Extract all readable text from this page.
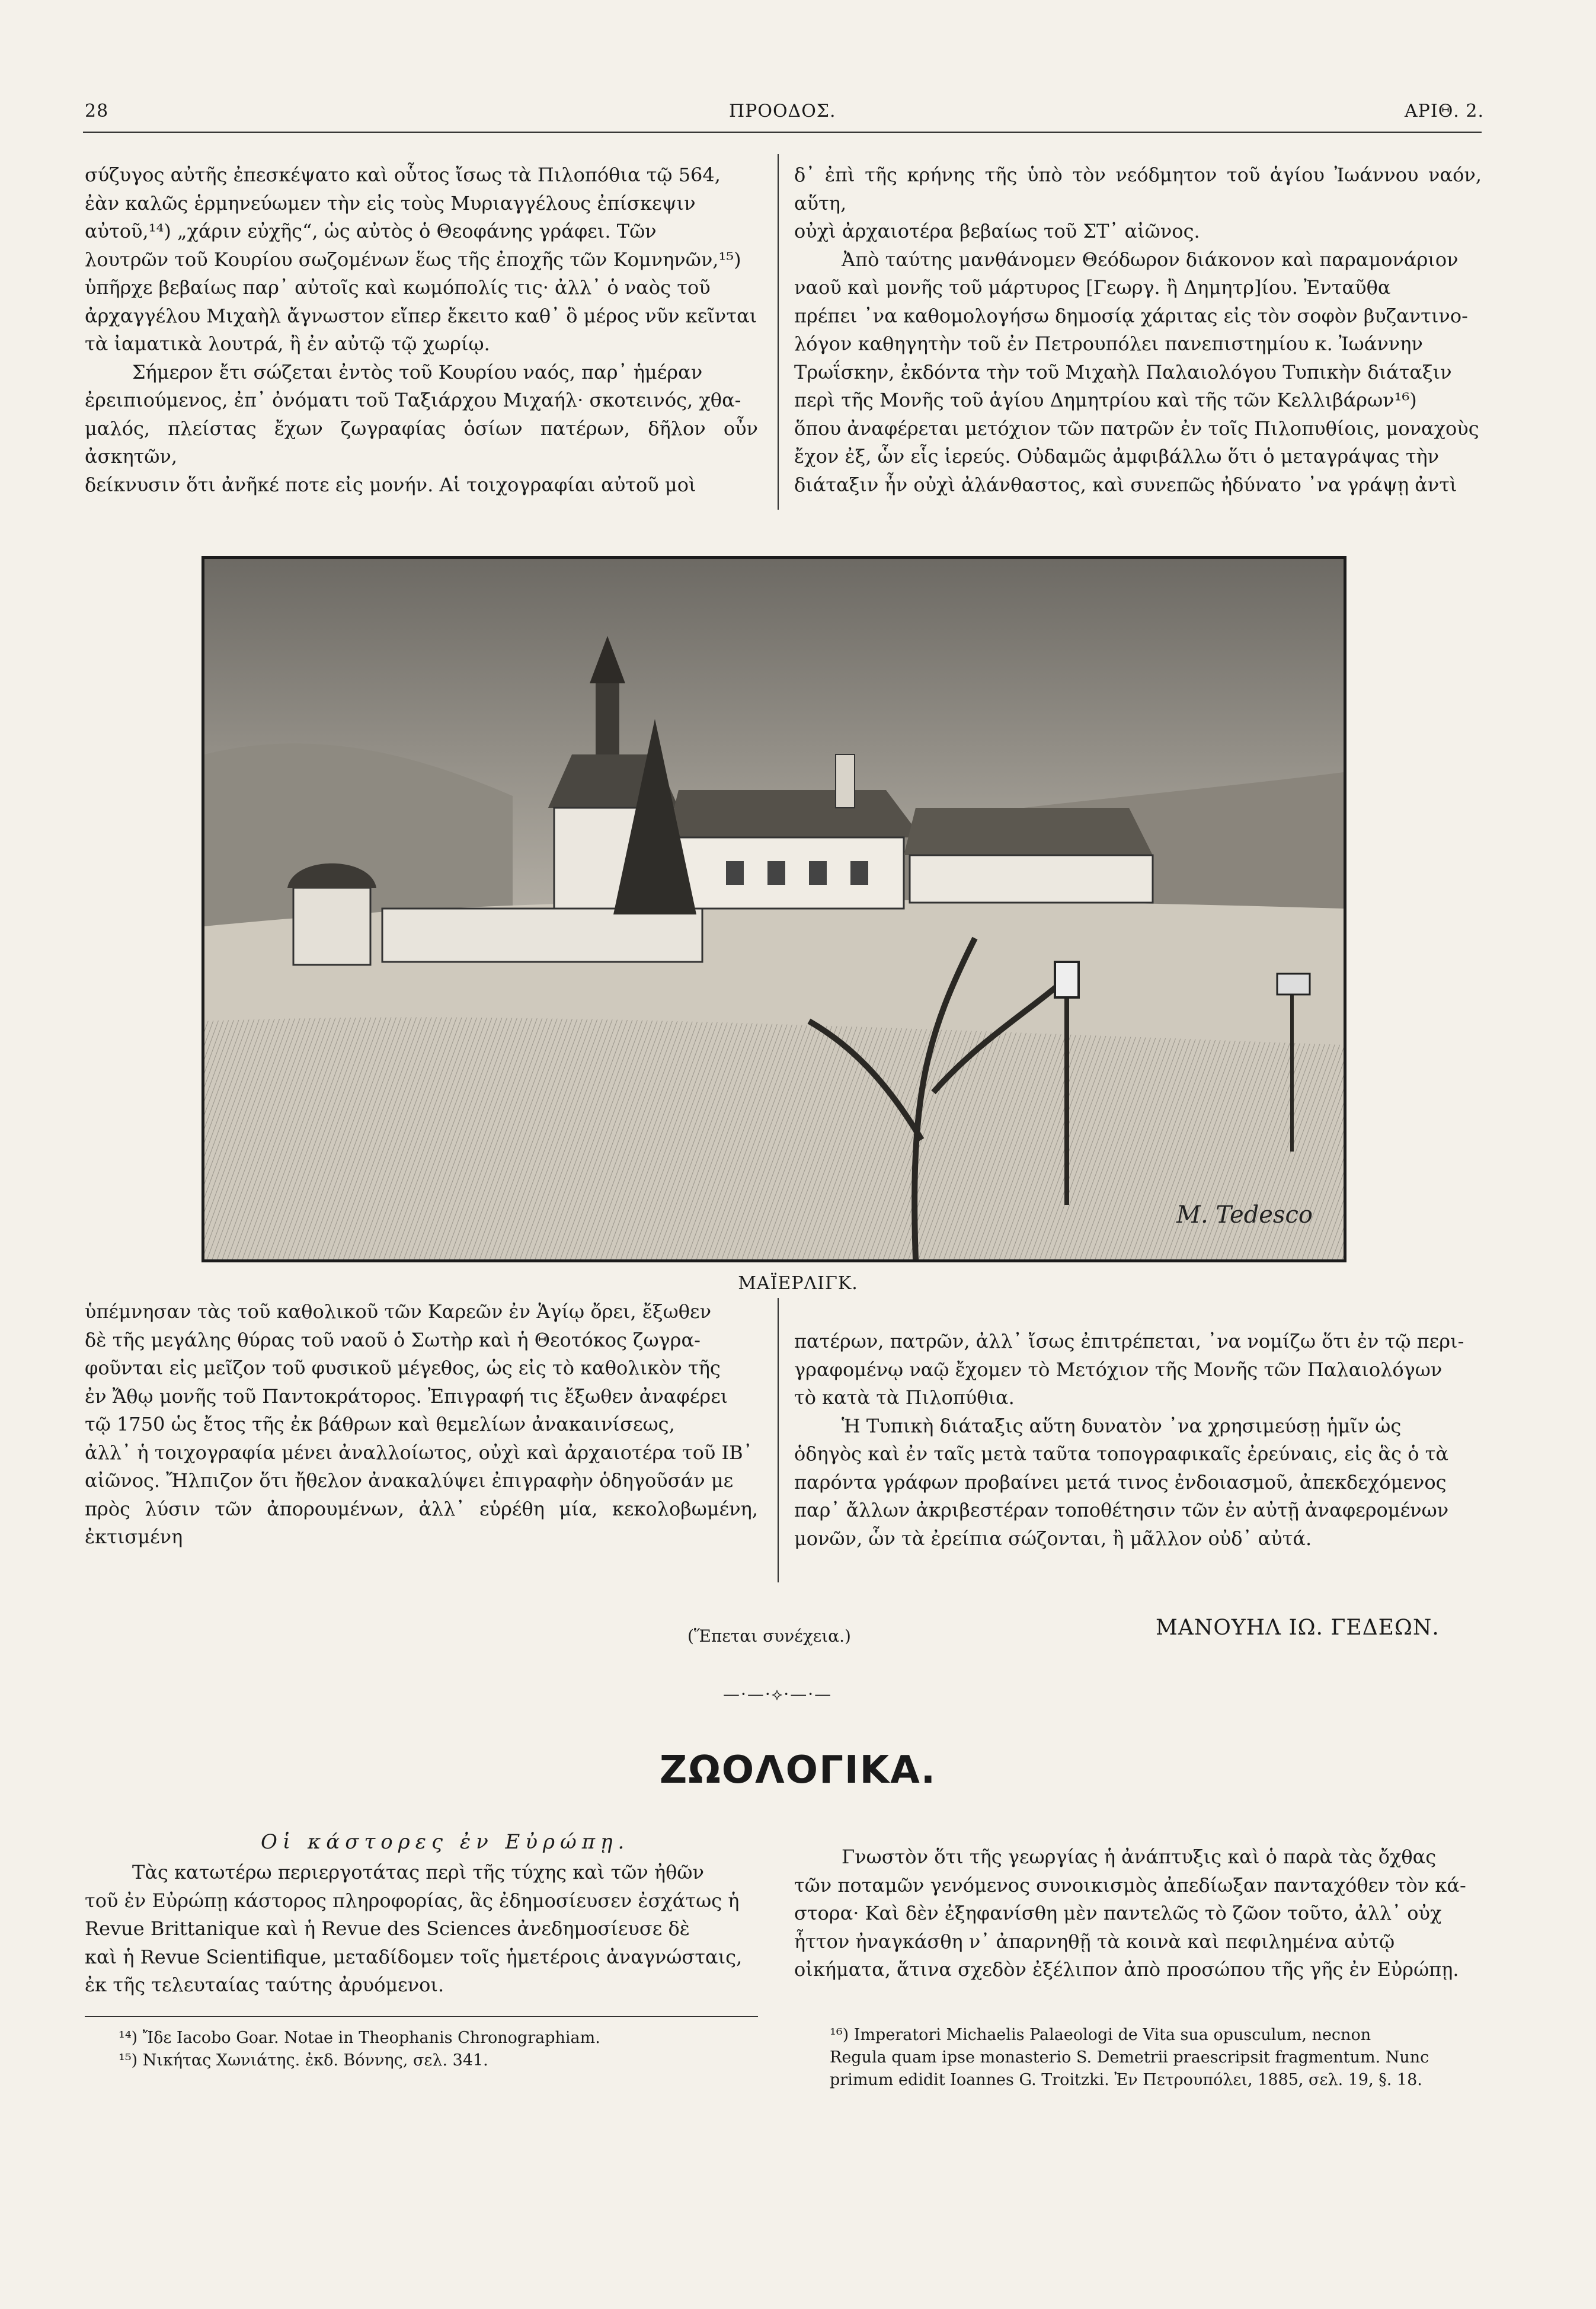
28	ΠΡΟΟΔΟΣ.	ΑΡΙΘ. 2.

σύζυγος αὐτῆς ἐπεσκέψατο καὶ οὗτος ἴσως τὰ Πιλοπόθια τῷ 564,

ἐὰν καλῶς ἑρμηνεύωμεν τὴν εἰς τοὺς Μυριαγγέλους ἐπίσκεψιν

αὐτοῦ,¹⁴) „χάριν εὐχῆς“, ὡς αὐτὸς ὁ Θεοφάνης γράφει. Τῶν

λουτρῶν τοῦ Κουρίου σωζομένων ἕως τῆς ἐποχῆς τῶν Κομνηνῶν,¹⁵)

ὑπῆρχε βεβαίως παρ᾽ αὐτοῖς καὶ κωμόπολίς τις· ἀλλ᾽ ὁ ναὸς τοῦ

ἀρχαγγέλου Μιχαὴλ ἄγνωστον εἴπερ ἔκειτο καθ᾽ ὃ μέρος νῦν κεῖνται

τὰ ἰαματικὰ λουτρά, ἢ ἐν αὐτῷ τῷ χωρίῳ.

Σήμερον ἔτι σώζεται ἐντὸς τοῦ Κουρίου ναός, παρ᾽ ἡμέραν

ἐρειπιούμενος, ἐπ᾽ ὀνόματι τοῦ Ταξιάρχου Μιχαήλ· σκοτεινός, χθα-

μαλός, πλείστας ἔχων ζωγραφίας ὁσίων πατέρων, δῆλον οὖν ἀσκητῶν,

δείκνυσιν ὅτι ἀνῆκέ ποτε εἰς μονήν. Αἱ τοιχογραφίαι αὐτοῦ μοὶ

δ᾽ ἐπὶ τῆς κρήνης τῆς ὑπὸ τὸν νεόδμητον τοῦ ἁγίου Ἰωάννου ναόν, αὕτη,

οὐχὶ ἀρχαιοτέρα βεβαίως τοῦ ΣΤ᾽ αἰῶνος.

Ἀπὸ ταύτης μανθάνομεν Θεόδωρον διάκονον καὶ παραμονάριον

ναοῦ καὶ μονῆς τοῦ μάρτυρος [Γεωργ. ἢ Δημητρ]ίου. Ἐνταῦθα

πρέπει ᾽να καθομολογήσω δημοσίᾳ χάριτας εἰς τὸν σοφὸν βυζαντινο-

λόγον καθηγητὴν τοῦ ἐν Πετρουπόλει πανεπιστημίου κ. Ἰωάννην

Τρωΐσκην, ἐκδόντα τὴν τοῦ Μιχαὴλ Παλαιολόγου Τυπικὴν διάταξιν

περὶ τῆς Μονῆς τοῦ ἁγίου Δημητρίου καὶ τῆς τῶν Κελλιβάρων¹⁶)

ὅπου ἀναφέρεται μετόχιον τῶν πατρῶν ἐν τοῖς Πιλοπυθίοις, μοναχοὺς

ἔχον ἐξ, ὧν εἷς ἱερεύς. Οὐδαμῶς ἀμφιβάλλω ὅτι ὁ μεταγράψας τὴν

διάταξιν ἦν οὐχὶ ἀλάνθαστος, καὶ συνεπῶς ἠδύνατο ᾽να γράψῃ ἀντὶ

M. Tedesco
ΜΑΪΕΡΛΙΓΚ.

ὑπέμνησαν τὰς τοῦ καθολικοῦ τῶν Καρεῶν ἐν Ἁγίῳ ὄρει, ἔξωθεν

δὲ τῆς μεγάλης θύρας τοῦ ναοῦ ὁ Σωτὴρ καὶ ἡ Θεοτόκος ζωγρα-

φοῦνται εἰς μεῖζον τοῦ φυσικοῦ μέγεθος, ὡς εἰς τὸ καθολικὸν τῆς

ἐν Ἄθῳ μονῆς τοῦ Παντοκράτορος. Ἐπιγραφή τις ἔξωθεν ἀναφέρει

τῷ 1750 ὡς ἔτος τῆς ἐκ βάθρων καὶ θεμελίων ἀνακαινίσεως,

ἀλλ᾽ ἡ τοιχογραφία μένει ἀναλλοίωτος, οὐχὶ καὶ ἀρχαιοτέρα τοῦ ΙΒ᾽

αἰῶνος. Ἤλπιζον ὅτι ἤθελον ἀνακαλύψει ἐπιγραφὴν ὁδηγοῦσάν με

πρὸς λύσιν τῶν ἀπορουμένων, ἀλλ᾽ εὑρέθη μία, κεκολοβωμένη, ἐκτισμένη

πατέρων, πατρῶν, ἀλλ᾽ ἴσως ἐπιτρέπεται, ᾽να νομίζω ὅτι ἐν τῷ περι-

γραφομένῳ ναῷ ἔχομεν τὸ Μετόχιον τῆς Μονῆς τῶν Παλαιολόγων

τὸ κατὰ τὰ Πιλοπύθια.

Ἡ Τυπικὴ διάταξις αὕτη δυνατὸν ᾽να χρησιμεύσῃ ἡμῖν ὡς

ὁδηγὸς καὶ ἐν ταῖς μετὰ ταῦτα τοπογραφικαῖς ἐρεύναις, εἰς ἃς ὁ τὰ

παρόντα γράφων προβαίνει μετά τινος ἐνδοιασμοῦ, ἀπεκδεχόμενος

παρ᾽ ἄλλων ἀκριβεστέραν τοποθέτησιν τῶν ἐν αὐτῇ ἀναφερομένων

μονῶν, ὧν τὰ ἐρείπια σώζονται, ἢ μᾶλλον οὐδ᾽ αὐτά.

ΜΑΝΟΥΗΛ ΙΩ. ΓΕΔΕΩΝ.
(Ἕπεται συνέχεια.)
—·—·⟡·—·—
ΖΩΟΛΟΓΙΚΑ.
Οἱ κάστορες ἐν Εὐρώπῃ.

Τὰς κατωτέρω περιεργοτάτας περὶ τῆς τύχης καὶ τῶν ἠθῶν

τοῦ ἐν Εὐρώπῃ κάστορος πληροφορίας, ἃς ἐδημοσίευσεν ἐσχάτως ἡ

Revue Brittanique καὶ ἡ Revue des Sciences ἀνεδημοσίευσε δὲ

καὶ ἡ Revue Scientifique, μεταδίδομεν τοῖς ἡμετέροις ἀναγνώσταις,

ἐκ τῆς τελευταίας ταύτης ἀρυόμενοι.

Γνωστὸν ὅτι τῆς γεωργίας ἡ ἀνάπτυξις καὶ ὁ παρὰ τὰς ὄχθας

τῶν ποταμῶν γενόμενος συνοικισμὸς ἀπεδίωξαν πανταχόθεν τὸν κά-

στορα· Καὶ δὲν ἐξηφανίσθη μὲν παντελῶς τὸ ζῶον τοῦτο, ἀλλ᾽ οὐχ

ἧττον ἠναγκάσθη ν᾽ ἀπαρνηθῇ τὰ κοινὰ καὶ πεφιλημένα αὐτῷ

οἰκήματα, ἅτινα σχεδὸν ἐξέλιπον ἀπὸ προσώπου τῆς γῆς ἐν Εὐρώπῃ.

¹⁴) Ἴδε Iacobo Goar. Notae in Theophanis Chronographiam.

¹⁵) Νικήτας Χωνιάτης. ἐκδ. Βόννης, σελ. 341.

¹⁶) Imperatori Michaelis Palaeologi de Vita sua opusculum, necnon

Regula quam ipse monasterio S. Demetrii praescripsit fragmentum. Nunc

primum edidit Ioannes G. Troitzki. Ἐν Πετρουπόλει, 1885, σελ. 19, §. 18.
